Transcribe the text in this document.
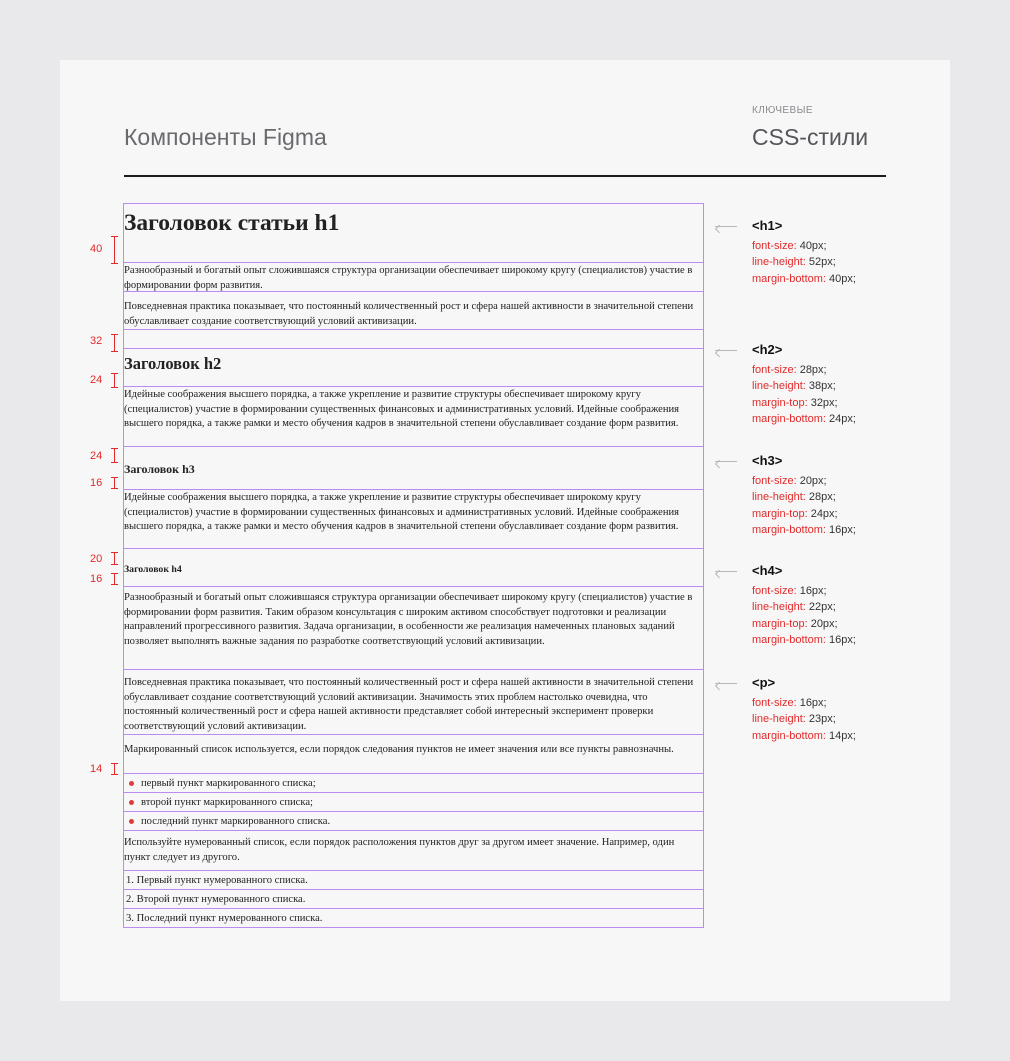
Компоненты Figma
КЛЮЧЕВЫЕ
CSS-стили
Заголовок статьи h1
Разнообразный и богатый опыт сложившаяся структура организации обеспечивает широкому кругу (специалистов) участие в формировании форм развития.
Повседневная практика показывает, что постоянный количественный рост и сфера нашей активности в значительной степени обуславливает создание соответствующий условий активизации.
Заголовок h2
Идейные соображения высшего порядка, а также укрепление и развитие структуры обеспечивает широкому кругу (специалистов) участие в формировании существенных финансовых и административных условий. Идейные соображения высшего порядка, а также рамки и место обучения кадров в значительной степени обуславливает создание форм развития.
Заголовок h3
Идейные соображения высшего порядка, а также укрепление и развитие структуры обеспечивает широкому кругу (специалистов) участие в формировании существенных финансовых и административных условий. Идейные соображения высшего порядка, а также рамки и место обучения кадров в значительной степени обуславливает создание форм развития.
Заголовок h4
Разнообразный и богатый опыт сложившаяся структура организации обеспечивает широкому кругу (специалистов) участие в формировании форм развития. Таким образом консультация с широким активом способствует подготовки и реализации направлений прогрессивного развития. Задача организации, в особенности же реализация намеченных плановых заданий позволяет выполнять важные задания по разработке соответствующий условий активизации.
Повседневная практика показывает, что постоянный количественный рост и сфера нашей активности в значительной степени обуславливает создание соответствующий условий активизации. Значимость этих проблем настолько очевидна, что постоянный количественный рост и сфера нашей активности представляет собой интересный эксперимент проверки соответствующий условий активизации.
Маркированный список используется, если порядок следования пунктов не имеет значения или все пункты равнозначны.
первый пункт маркированного списка;
второй пункт маркированного списка;
последний пункт маркированного списка.
Используйте нумерованный список, если порядок расположения пунктов друг за другом имеет значение. Например, один пункт следует из другого.
1. Первый пункт нумерованного списка.
2. Второй пункт нумерованного списка.
3. Последний пункт нумерованного списка.
40
32
24
24
16
20
16
14
<h1>
font-size: 40px;
line-height: 52px;
margin-bottom: 40px;
<h2>
font-size: 28px;
line-height: 38px;
margin-top: 32px;
margin-bottom: 24px;
<h3>
font-size: 20px;
line-height: 28px;
margin-top: 24px;
margin-bottom: 16px;
<h4>
font-size: 16px;
line-height: 22px;
margin-top: 20px;
margin-bottom: 16px;
<p>
font-size: 16px;
line-height: 23px;
margin-bottom: 14px;
